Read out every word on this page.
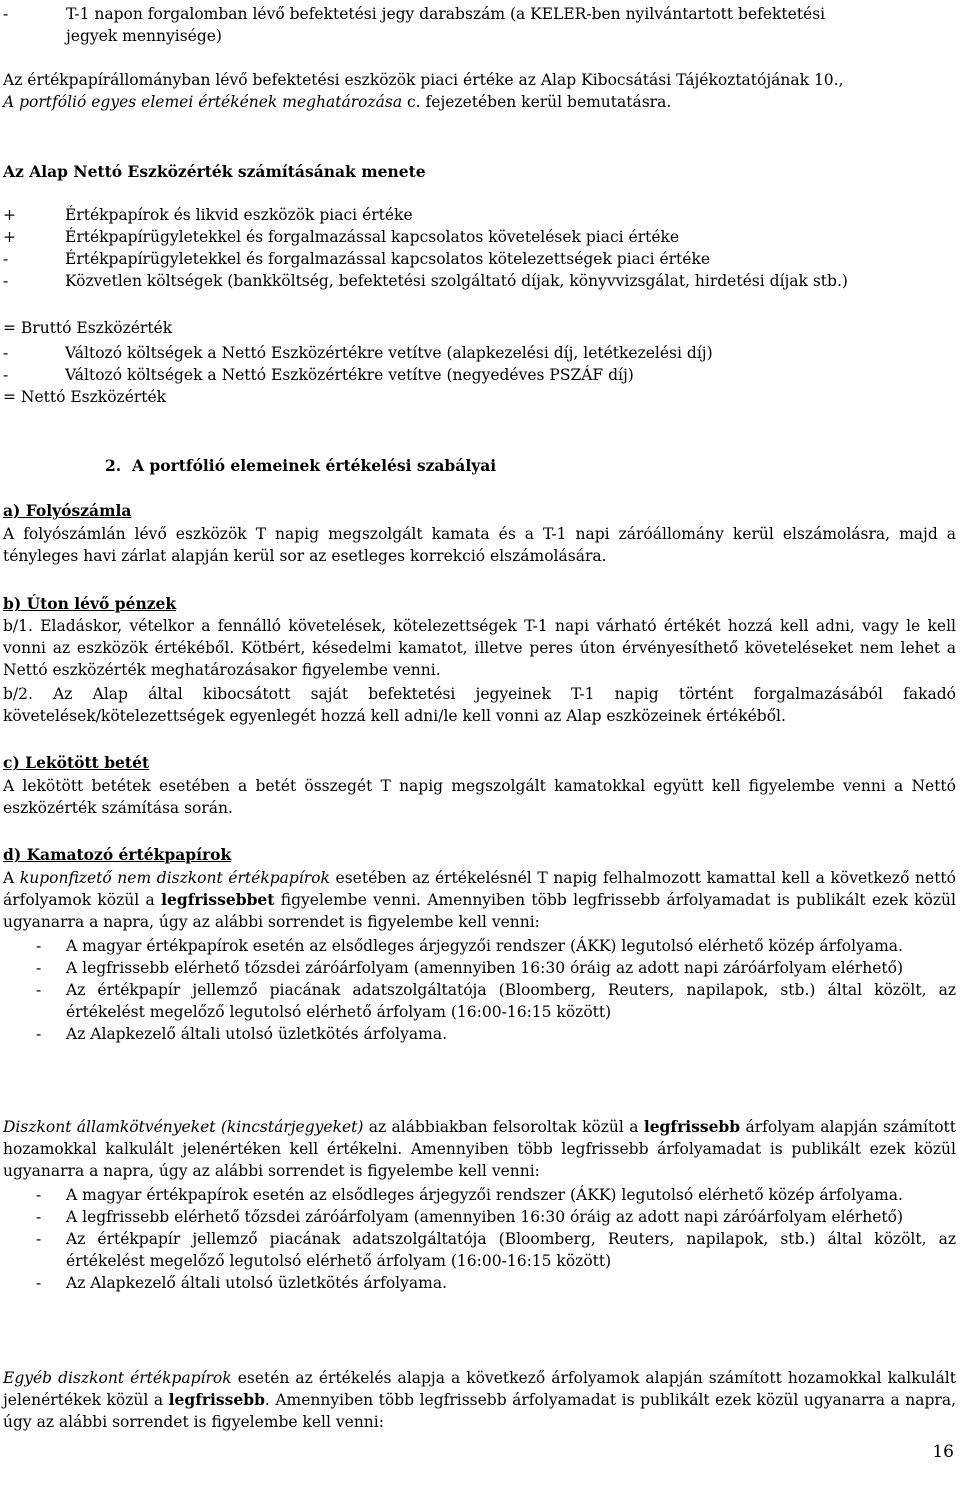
-	T-1 napon forgalomban lévő befektetési jegy darabszám (a KELER-ben nyilvántartott befektetési
jegyek mennyisége)
Az értékpapírállományban lévő befektetési eszközök piaci értéke az Alap Kibocsátási Tájékoztatójának 10.,
A portfólió egyes elemei értékének meghatározása c. fejezetében kerül bemutatásra.
Az Alap Nettó Eszközérték számításának menete
+	Értékpapírok és likvid eszközök piaci értéke
+	Értékpapírügyletekkel és forgalmazással kapcsolatos követelések piaci értéke
-	Értékpapírügyletekkel és forgalmazással kapcsolatos kötelezettségek piaci értéke
-	Közvetlen költségek (bankköltség, befektetési szolgáltató díjak, könyvvizsgálat, hirdetési díjak stb.)
= Bruttó Eszközérték
-	Változó költségek a Nettó Eszközértékre vetítve (alapkezelési díj, letétkezelési díj)
-	Változó költségek a Nettó Eszközértékre vetítve (negyedéves PSZÁF díj)
= Nettó Eszközérték
2. A portfólió elemeinek értékelési szabályai
a) Folyószámla
A folyószámlán lévő eszközök T napig megszolgált kamata és a T-1 napi záróállomány kerül elszámolásra, majd a tényleges havi zárlat alapján kerül sor az esetleges korrekció elszámolására.
b) Úton lévő pénzek
b/1. Eladáskor, vételkor a fennálló követelések, kötelezettségek T-1 napi várható értékét hozzá kell adni, vagy le kell vonni az eszközök értékéből. Kötbért, késedelmi kamatot, illetve peres úton érvényesíthető követeléseket nem lehet a Nettó eszközérték meghatározásakor figyelembe venni.
b/2. Az Alap által kibocsátott saját befektetési jegyeinek T-1 napig történt forgalmazásából fakadó követelések/kötelezettségek egyenlegét hozzá kell adni/le kell vonni az Alap eszközeinek értékéből.
c) Lekötött betét
A lekötött betétek esetében a betét összegét T napig megszolgált kamatokkal együtt kell figyelembe venni a Nettó eszközérték számítása során.
d) Kamatozó értékpapírok
A kuponfizető nem diszkont értékpapírok esetében az értékelésnél T napig felhalmozott kamattal kell a következő nettó árfolyamok közül a legfrissebbet figyelembe venni. Amennyiben több legfrissebb árfolyamadat is publikált ezek közül ugyanarra a napra, úgy az alábbi sorrendet is figyelembe kell venni:
- A magyar értékpapírok esetén az elsődleges árjegyzői rendszer (ÁKK) legutolsó elérhető közép árfolyama.
- A legfrissebb elérhető tőzsdei záróárfolyam (amennyiben 16:30 óráig az adott napi záróárfolyam elérhető)
- Az értékpapír jellemző piacának adatszolgáltatója (Bloomberg, Reuters, napilapok, stb.) által közölt, az értékelést megelőző legutolsó elérhető árfolyam (16:00-16:15 között)
- Az Alapkezelő általi utolsó üzletkötés árfolyama.
Diszkont államkötvényeket (kincstárjegyeket) az alábbiakban felsoroltak közül a legfrissebb árfolyam alapján számított hozamokkal kalkulált jelenértéken kell értékelni. Amennyiben több legfrissebb árfolyamadat is publikált ezek közül ugyanarra a napra, úgy az alábbi sorrendet is figyelembe kell venni:
- A magyar értékpapírok esetén az elsődleges árjegyzői rendszer (ÁKK) legutolsó elérhető közép árfolyama.
- A legfrissebb elérhető tőzsdei záróárfolyam (amennyiben 16:30 óráig az adott napi záróárfolyam elérhető)
- Az értékpapír jellemző piacának adatszolgáltatója (Bloomberg, Reuters, napilapok, stb.) által közölt, az értékelést megelőző legutolsó elérhető árfolyam (16:00-16:15 között)
- Az Alapkezelő általi utolsó üzletkötés árfolyama.
Egyéb diszkont értékpapírok esetén az értékelés alapja a következő árfolyamok alapján számított hozamokkal kalkulált jelenértékek közül a legfrissebb. Amennyiben több legfrissebb árfolyamadat is publikált ezek közül ugyanarra a napra, úgy az alábbi sorrendet is figyelembe kell venni:
16
